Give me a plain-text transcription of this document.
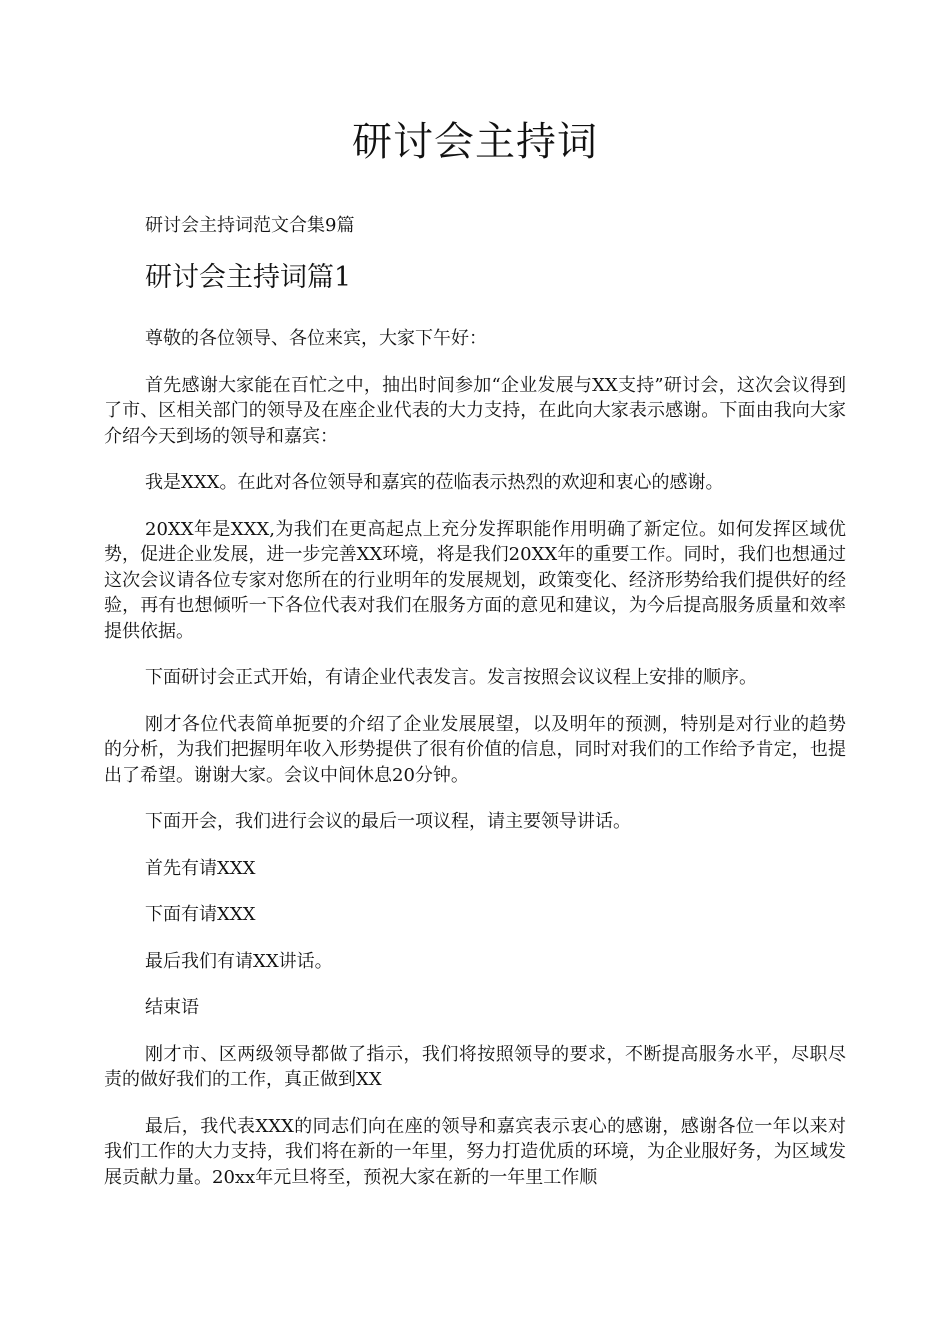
研讨会主持词

研讨会主持词范文合集9篇

研讨会主持词篇1

尊敬的各位领导、各位来宾，大家下午好：

首先感谢大家能在百忙之中，抽出时间参加“企业发展与XX支持”研讨会，这次会议得到了市、区相关部门的领导及在座企业代表的大力支持，在此向大家表示感谢。下面由我向大家介绍今天到场的领导和嘉宾：

我是XXX。在此对各位领导和嘉宾的莅临表示热烈的欢迎和衷心的感谢。

20XX年是XXX,为我们在更高起点上充分发挥职能作用明确了新定位。如何发挥区域优势，促进企业发展，进一步完善XX环境，将是我们20XX年的重要工作。同时，我们也想通过这次会议请各位专家对您所在的行业明年的发展规划，政策变化、经济形势给我们提供好的经验，再有也想倾听一下各位代表对我们在服务方面的意见和建议，为今后提高服务质量和效率提供依据。

下面研讨会正式开始，有请企业代表发言。发言按照会议议程上安排的顺序。

刚才各位代表简单扼要的介绍了企业发展展望，以及明年的预测，特别是对行业的趋势的分析，为我们把握明年收入形势提供了很有价值的信息，同时对我们的工作给予肯定，也提出了希望。谢谢大家。会议中间休息20分钟。

下面开会，我们进行会议的最后一项议程，请主要领导讲话。

首先有请XXX

下面有请XXX

最后我们有请XX讲话。

结束语

刚才市、区两级领导都做了指示，我们将按照领导的要求，不断提高服务水平，尽职尽责的做好我们的工作，真正做到XX

最后，我代表XXX的同志们向在座的领导和嘉宾表示衷心的感谢，感谢各位一年以来对我们工作的大力支持，我们将在新的一年里，努力打造优质的环境，为企业服好务，为区域发展贡献力量。20xx年元旦将至，预祝大家在新的一年里工作顺
